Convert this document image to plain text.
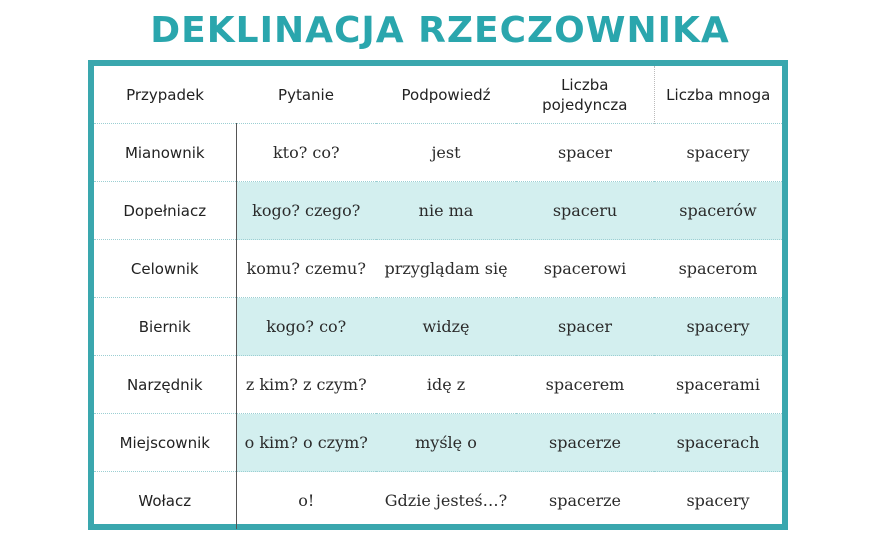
DEKLINACJA RZECZOWNIKA
Przypadek	Pytanie	Podpowiedź	Liczba pojedyncza	Liczba mnoga
Mianownik	kto? co?	jest	spacer	spacery
Dopełniacz	kogo? czego?	nie ma	spaceru	spacerów
Celownik	komu? czemu?	przyglądam się	spacerowi	spacerom
Biernik	kogo? co?	widzę	spacer	spacery
Narzędnik	z kim? z czym?	idę z	spacerem	spacerami
Miejscownik	o kim? o czym?	myślę o	spacerze	spacerach
Wołacz	o!	Gdzie jesteś…?	spacerze	spacery
